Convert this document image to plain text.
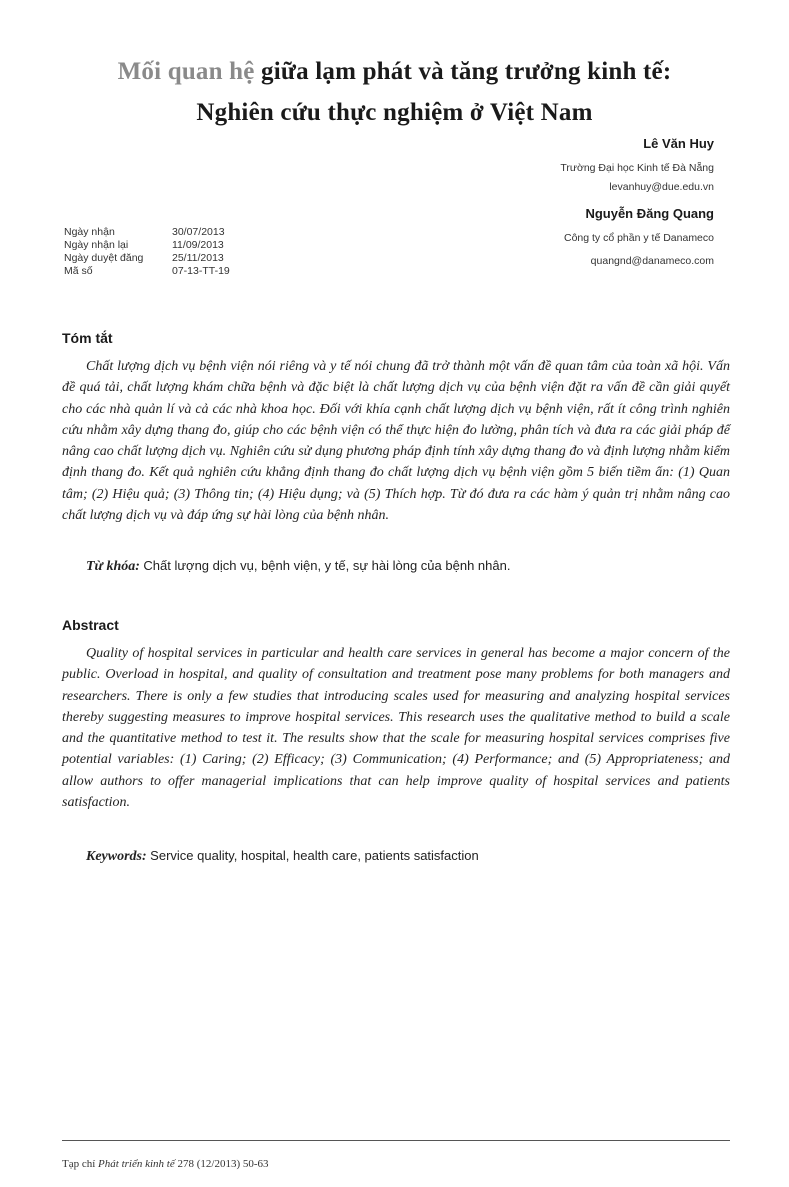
Mối quan hệ giữa lạm phát và tăng trưởng kinh tế:
Nghiên cứu thực nghiệm ở Việt Nam
Lê Văn Huy
Trường Đại học Kinh tế Đà Nẵng
levanhuy@due.edu.vn
Nguyễn Đăng Quang
Công ty cổ phần y tế Danameco
quangnd@danameco.com
Ngày nhận	30/07/2013
Ngày nhận lại	11/09/2013
Ngày duyệt đăng	25/11/2013
Mã số	07-13-TT-19
Tóm tắt
Chất lượng dịch vụ bệnh viện nói riêng và y tế nói chung đã trở thành một vấn đề quan tâm của toàn xã hội. Vấn đề quá tải, chất lượng khám chữa bệnh và đặc biệt là chất lượng dịch vụ của bệnh viện đặt ra vấn đề cần giải quyết cho các nhà quản lí và cả các nhà khoa học. Đối với khía cạnh chất lượng dịch vụ bệnh viện, rất ít công trình nghiên cứu nhằm xây dựng thang đo, giúp cho các bệnh viện có thể thực hiện đo lường, phân tích và đưa ra các giải pháp để nâng cao chất lượng dịch vụ. Nghiên cứu sử dụng phương pháp định tính xây dựng thang đo và định lượng nhằm kiểm định thang đo. Kết quả nghiên cứu khẳng định thang đo chất lượng dịch vụ bệnh viện gồm 5 biến tiềm ẩn: (1) Quan tâm; (2) Hiệu quả; (3) Thông tin; (4) Hiệu dụng; và (5) Thích hợp. Từ đó đưa ra các hàm ý quản trị nhằm nâng cao chất lượng dịch vụ và đáp ứng sự hài lòng của bệnh nhân.
Từ khóa: Chất lượng dịch vụ, bệnh viện, y tế, sự hài lòng của bệnh nhân.
Abstract
Quality of hospital services in particular and health care services in general has become a major concern of the public. Overload in hospital, and quality of consultation and treatment pose many problems for both managers and researchers. There is only a few studies that introducing scales used for measuring and analyzing hospital services thereby suggesting measures to improve hospital services. This research uses the qualitative method to build a scale and the quantitative method to test it. The results show that the scale for measuring hospital services comprises five potential variables: (1) Caring; (2) Efficacy; (3) Communication; (4) Performance; and (5) Appropriateness; and allow authors to offer managerial implications that can help improve quality of hospital services and patients satisfaction.
Keywords: Service quality, hospital, health care, patients satisfaction
Tạp chí Phát triển kinh tế 278 (12/2013) 50-63
